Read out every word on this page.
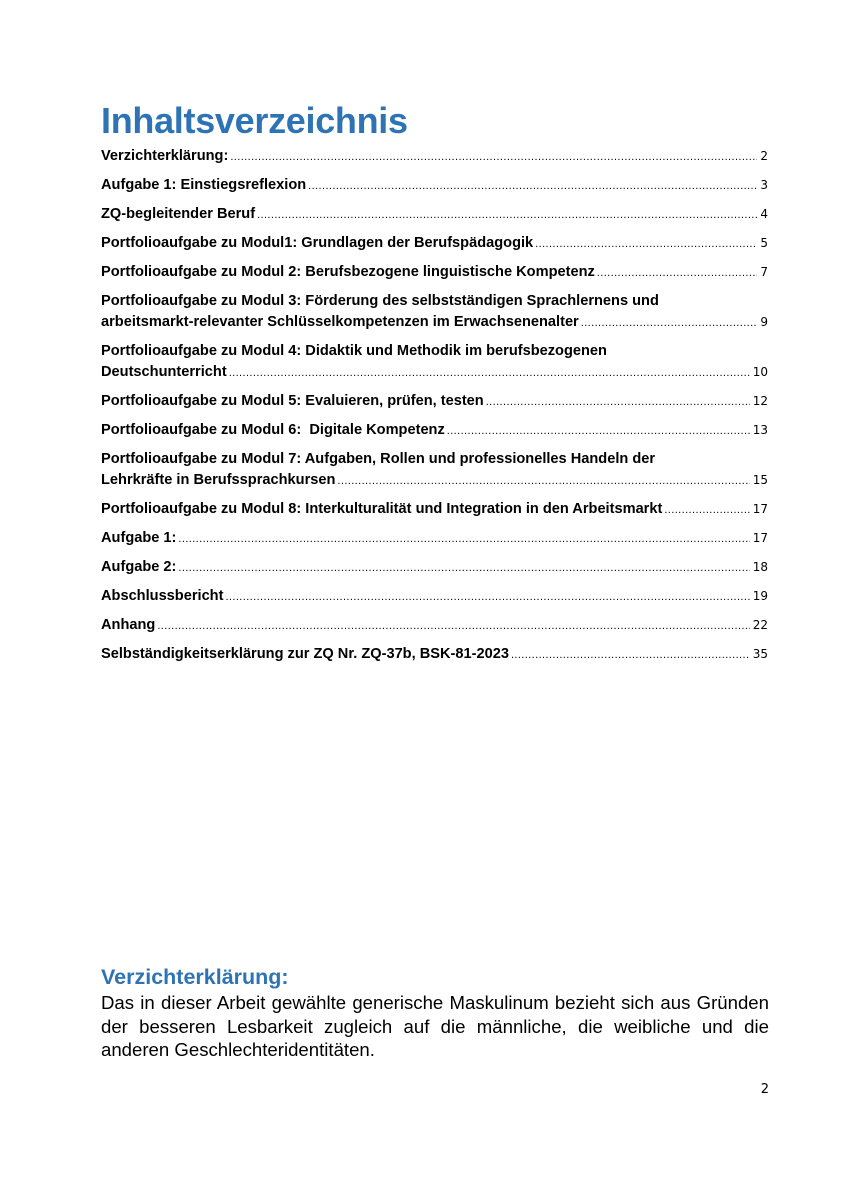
Inhaltsverzeichnis
Verzichterklärung: .....	2
Aufgabe 1: Einstiegsreflexion .....	3
ZQ-begleitender Beruf .....	4
Portfolioaufgabe zu Modul1: Grundlagen der Berufspädagogik .....	5
Portfolioaufgabe zu Modul 2: Berufsbezogene linguistische Kompetenz .....	7
Portfolioaufgabe zu Modul 3: Förderung des selbstständigen Sprachlernens und
arbeitsmarkt-relevanter Schlüsselkompetenzen im Erwachsenenalter .....	9
Portfolioaufgabe zu Modul 4: Didaktik und Methodik im berufsbezogenen
Deutschunterricht .....	10
Portfolioaufgabe zu Modul 5: Evaluieren, prüfen, testen .....	12
Portfolioaufgabe zu Modul 6:  Digitale Kompetenz .....	13
Portfolioaufgabe zu Modul 7: Aufgaben, Rollen und professionelles Handeln der
Lehrkräfte in Berufssprachkursen .....	15
Portfolioaufgabe zu Modul 8: Interkulturalität und Integration in den Arbeitsmarkt .....	17
Aufgabe 1: .....	17
Aufgabe 2: .....	18
Abschlussbericht .....	19
Anhang .....	22
Selbständigkeitserklärung zur ZQ Nr. ZQ-37b, BSK-81-2023 .....	35
Verzichterklärung:

Das in dieser Arbeit gewählte generische Maskulinum bezieht sich aus Gründen der besseren Lesbarkeit zugleich auf die männliche, die weibliche und die anderen Geschlechteridentitäten.

2
